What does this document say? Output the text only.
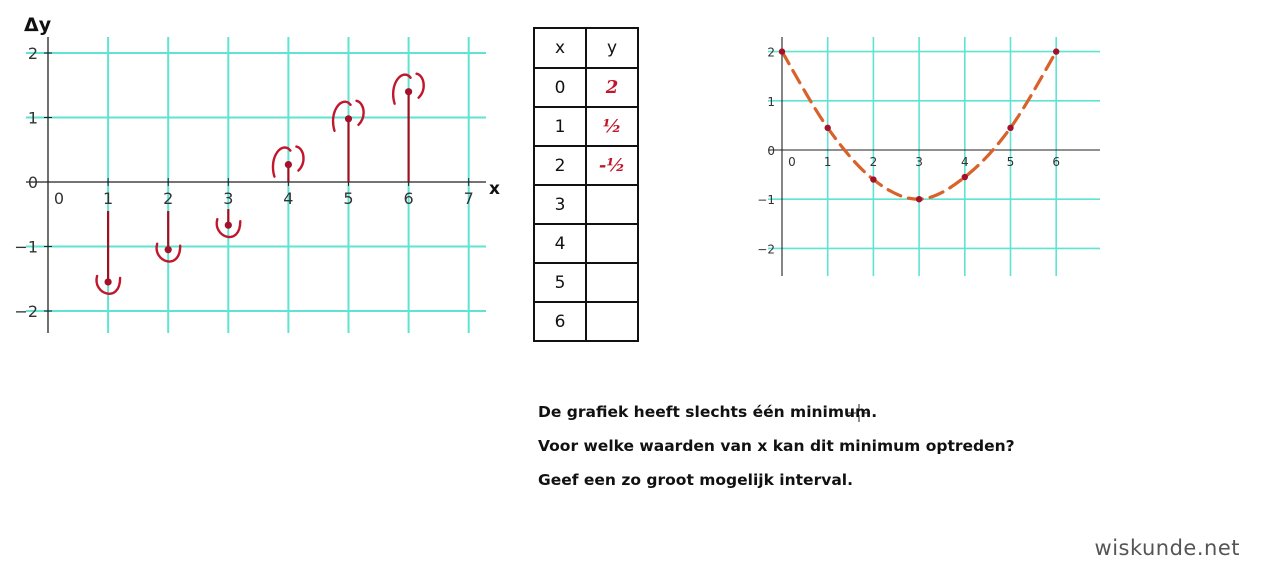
0 1	2	3	4	5	6	7
2
1
0
−1
−2
Δy
x
0 1	2	3	4	5	6
2
1
0
−1
−2
x	y
0	2
1	½
2	-½
3	
4	
5	
6	
De grafiek heeft slechts één minimum.
Voor welke waarden van x kan dit minimum optreden?
Geef een zo groot mogelijk interval.
wiskunde.net
